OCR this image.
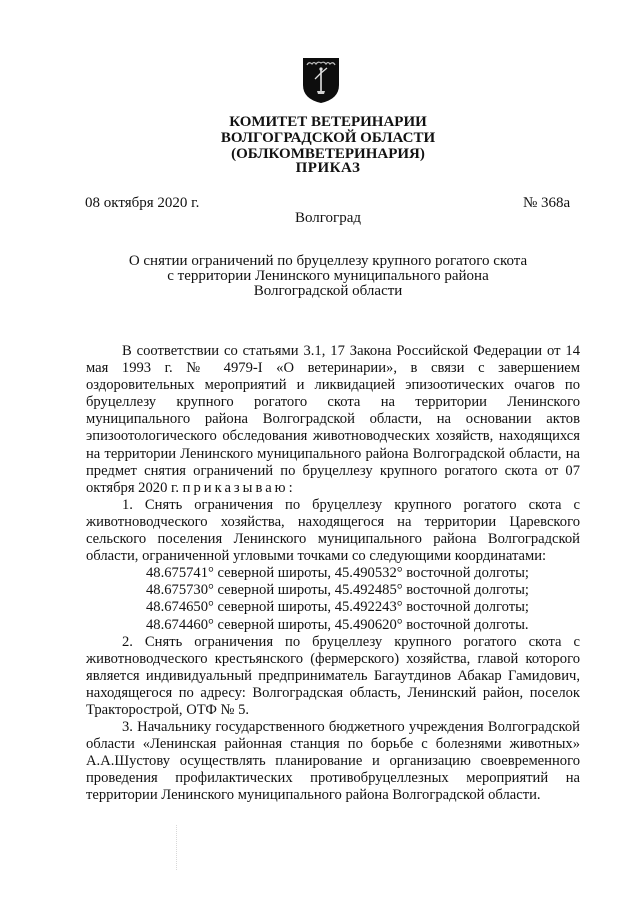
КОМИТЕТ ВЕТЕРИНАРИИ
ВОЛГОГРАДСКОЙ ОБЛАСТИ
(ОБЛКОМВЕТЕРИНАРИЯ)
ПРИКАЗ
08 октября 2020 г.	№ 368а
Волгоград
О снятии ограничений по бруцеллезу крупного рогатого скота
с территории Ленинского муниципального района
Волгоградской области

В соответствии со статьями 3.1, 17 Закона Российской Федерации от 14 мая 1993 г. № 4979-I «О ветеринарии», в связи с завершением оздоровительных мероприятий и ликвидацией эпизоотических очагов по бруцеллезу крупного рогатого скота на территории Ленинского муниципального района Волгоградской области, на основании актов эпизоотологического обследования животноводческих хозяйств, находящихся на территории Ленинского муниципального района Волгоградской области, на предмет снятия ограничений по бруцеллезу крупного рогатого скота от 07 октября 2020 г. приказываю:

1. Снять ограничения по бруцеллезу крупного рогатого скота с животноводческого хозяйства, находящегося на территории Царевского сельского поселения Ленинского муниципального района Волгоградской области, ограниченной угловыми точками со следующими координатами:

48.675741° северной широты, 45.490532° восточной долготы;
48.675730° северной широты, 45.492485° восточной долготы;
48.674650° северной широты, 45.492243° восточной долготы;
48.674460° северной широты, 45.490620° восточной долготы.

2. Снять ограничения по бруцеллезу крупного рогатого скота с животноводческого крестьянского (фермерского) хозяйства, главой которого является индивидуальный предприниматель Багаутдинов Абакар Гамидович, находящегося по адресу: Волгоградская область, Ленинский район, поселок Тракторострой, ОТФ № 5.

3. Начальнику государственного бюджетного учреждения Волгоградской области «Ленинская районная станция по борьбе с болезнями животных» А.А.Шустову осуществлять планирование и организацию своевременного проведения профилактических противобруцеллезных мероприятий на территории Ленинского муниципального района Волгоградской области.
